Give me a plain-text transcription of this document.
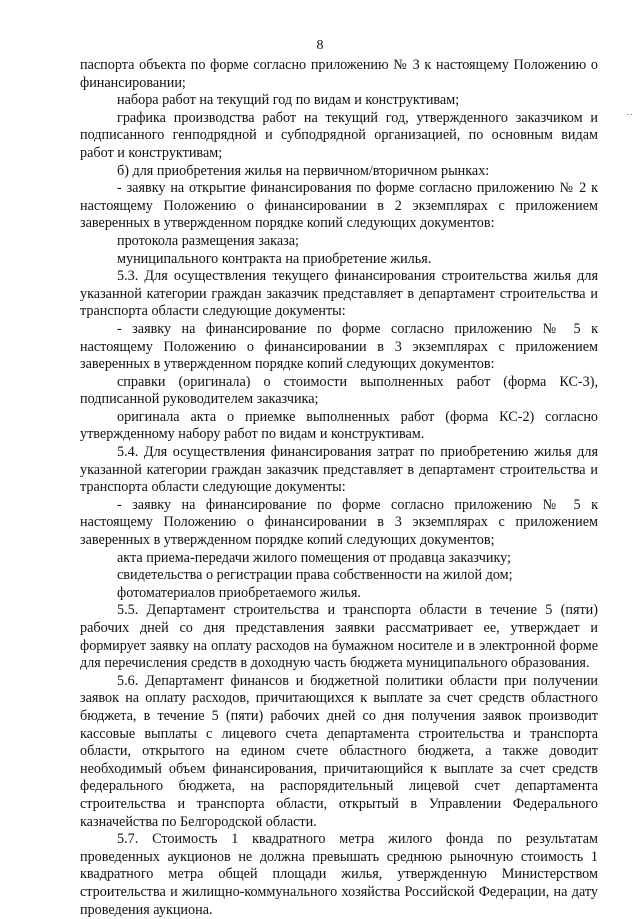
8
˙˙

паспорта объекта по форме согласно приложению № 3 к настоящему Положению о финансировании;

набора работ на текущий год по видам и конструктивам;

графика производства работ на текущий год, утвержденного заказчиком и подписанного генподрядной и субподрядной организацией, по основным видам работ и конструктивам;

б) для приобретения жилья на первичном/вторичном рынках:

- заявку на открытие финансирования по форме согласно приложению № 2 к настоящему Положению о финансировании в 2 экземплярах с приложением заверенных в утвержденном порядке копий следующих документов:

протокола размещения заказа;

муниципального контракта на приобретение жилья.

5.3. Для осуществления текущего финансирования строительства жилья для указанной категории граждан заказчик представляет в департамент строительства и транспорта области следующие документы:

- заявку на финансирование по форме согласно приложению № 5 к настоящему Положению о финансировании в 3 экземплярах с приложением заверенных в утвержденном порядке копий следующих документов:

справки (оригинала) о стоимости выполненных работ (форма КС-3), подписанной руководителем заказчика;

оригинала акта о приемке выполненных работ (форма КС-2) согласно утвержденному набору работ по видам и конструктивам.

5.4. Для осуществления финансирования затрат по приобретению жилья для указанной категории граждан заказчик представляет в департамент строительства и транспорта области следующие документы:

- заявку на финансирование по форме согласно приложению № 5 к настоящему Положению о финансировании в 3 экземплярах с приложением заверенных в утвержденном порядке копий следующих документов;

акта приема-передачи жилого помещения от продавца заказчику;

свидетельства о регистрации права собственности на жилой дом;

фотоматериалов приобретаемого жилья.

5.5. Департамент строительства и транспорта области в течение 5 (пяти) рабочих дней со дня представления заявки рассматривает ее, утверждает и формирует заявку на оплату расходов на бумажном носителе и в электронной форме для перечисления средств в доходную часть бюджета муниципального образования.

5.6. Департамент финансов и бюджетной политики области при получении заявок на оплату расходов, причитающихся к выплате за счет средств областного бюджета, в течение 5 (пяти) рабочих дней со дня получения заявок производит кассовые выплаты с лицевого счета департамента строительства и транспорта области, открытого на едином счете областного бюджета, а также доводит необходимый объем финансирования, причитающийся к выплате за счет средств федерального бюджета, на распорядительный лицевой счет департамента строительства и транспорта области, открытый в Управлении Федерального казначейства по Белгородской области.

5.7. Стоимость 1 квадратного метра жилого фонда по результатам проведенных аукционов не должна превышать среднюю рыночную стоимость 1 квадратного метра общей площади жилья, утвержденную Министерством строительства и жилищно-коммунального хозяйства Российской Федерации, на дату проведения аукциона.
